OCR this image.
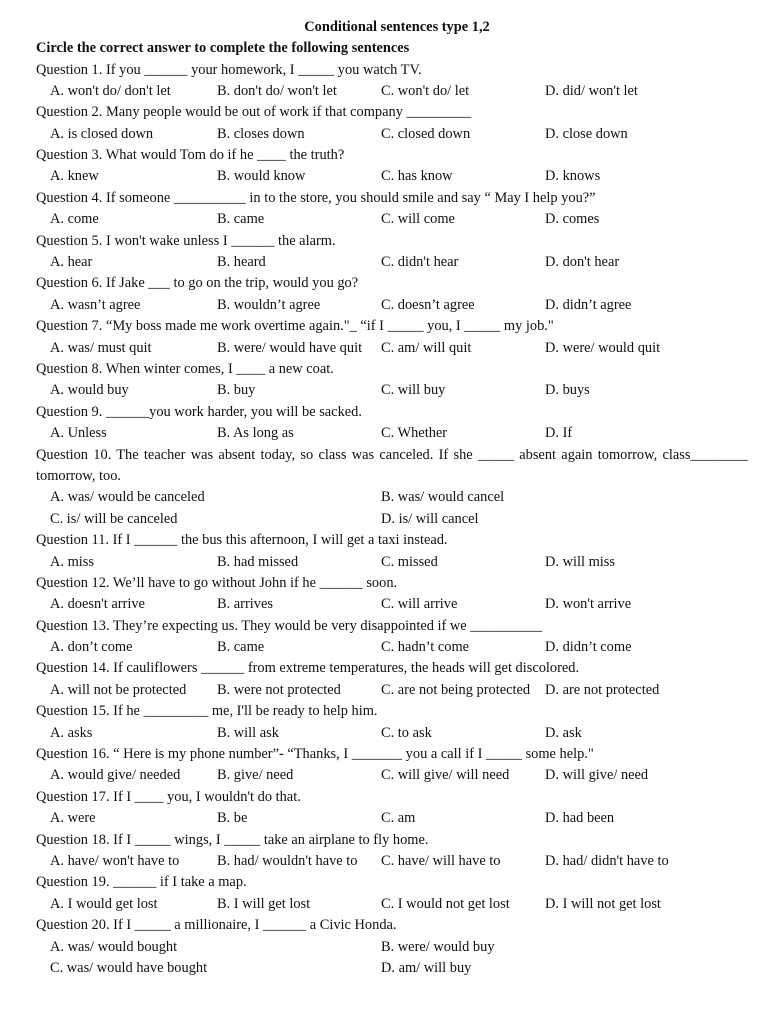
Conditional sentences type 1,2
Circle the correct answer to complete the following sentences
Question 1. If you ______ your homework, I _____ you watch TV.
A. won't do/ don't let	B. don't do/ won't let	C. won't do/ let	D. did/ won't let
Question 2. Many people would be out of work if that company _________
A. is closed down	B. closes down	C. closed down	D. close down
Question 3. What would Tom do if he ____ the truth?
A. knew	B. would know	C. has know	D. knows
Question 4. If someone __________ in to the store, you should smile and say “ May I help you?”
A. come	B. came	C. will come	D. comes
Question 5. I won't wake unless I ______ the alarm.
A. hear	B. heard	C. didn't hear	D. don't hear
Question 6. If Jake ___ to go on the trip, would you go?
A. wasn’t agree	B. wouldn’t agree	C. doesn’t agree	D. didn’t agree
Question 7. “My boss made me work overtime again."_ “if I _____ you, I _____ my job."
A. was/ must quit	B. were/ would have quit C. am/ will quit	D. were/ would quit
Question 8. When winter comes, I ____ a new coat.
A. would buy	B. buy	C. will buy	D. buys
Question 9. ______you work harder, you will be sacked.
A. Unless	B. As long as	C. Whether	D. If
Question 10. The teacher was absent today, so class was canceled. If she _____ absent again tomorrow, class________ tomorrow, too.
A. was/ would be canceled	B. was/ would cancel
C. is/ will be canceled	D. is/ will cancel
Question 11. If I ______ the bus this afternoon, I will get a taxi instead.
A. miss	B. had missed	C. missed	D. will miss
Question 12. We’ll have to go without John if he ______ soon.
A. doesn't arrive	B. arrives	C. will arrive	D. won't arrive
Question 13. They’re expecting us. They would be very disappointed if we __________
A. don’t come	B. came	C. hadn’t come	D. didn’t come
Question 14. If cauliflowers ______ from extreme temperatures, the heads will get discolored.
A. will not be protected B. were not protected	C. are not being protected D. are not protected
Question 15. If he _________ me, I'll be ready to help him.
A. asks	B. will ask	C. to ask	D. ask
Question 16. “ Here is my phone number”- “Thanks, I _______ you a call if I _____ some help."
A. would give/ needed	B. give/ need	C. will give/ will need D. will give/ need
Question 17. If I ____ you, I wouldn't do that.
A. were	B. be	C. am	D. had been
Question 18. If I _____ wings, I _____ take an airplane to fly home.
A. have/ won't have to	B. had/ wouldn't have to C. have/ will have to	D. had/ didn't have to
Question 19. ______ if I take a map.
A. I would get lost	B. I will get lost	C. I would not get lost D. I will not get lost
Question 20. If I _____ a millionaire, I ______ a Civic Honda.
A. was/ would bought	B. were/ would buy
C. was/ would have bought	D. am/ will buy
